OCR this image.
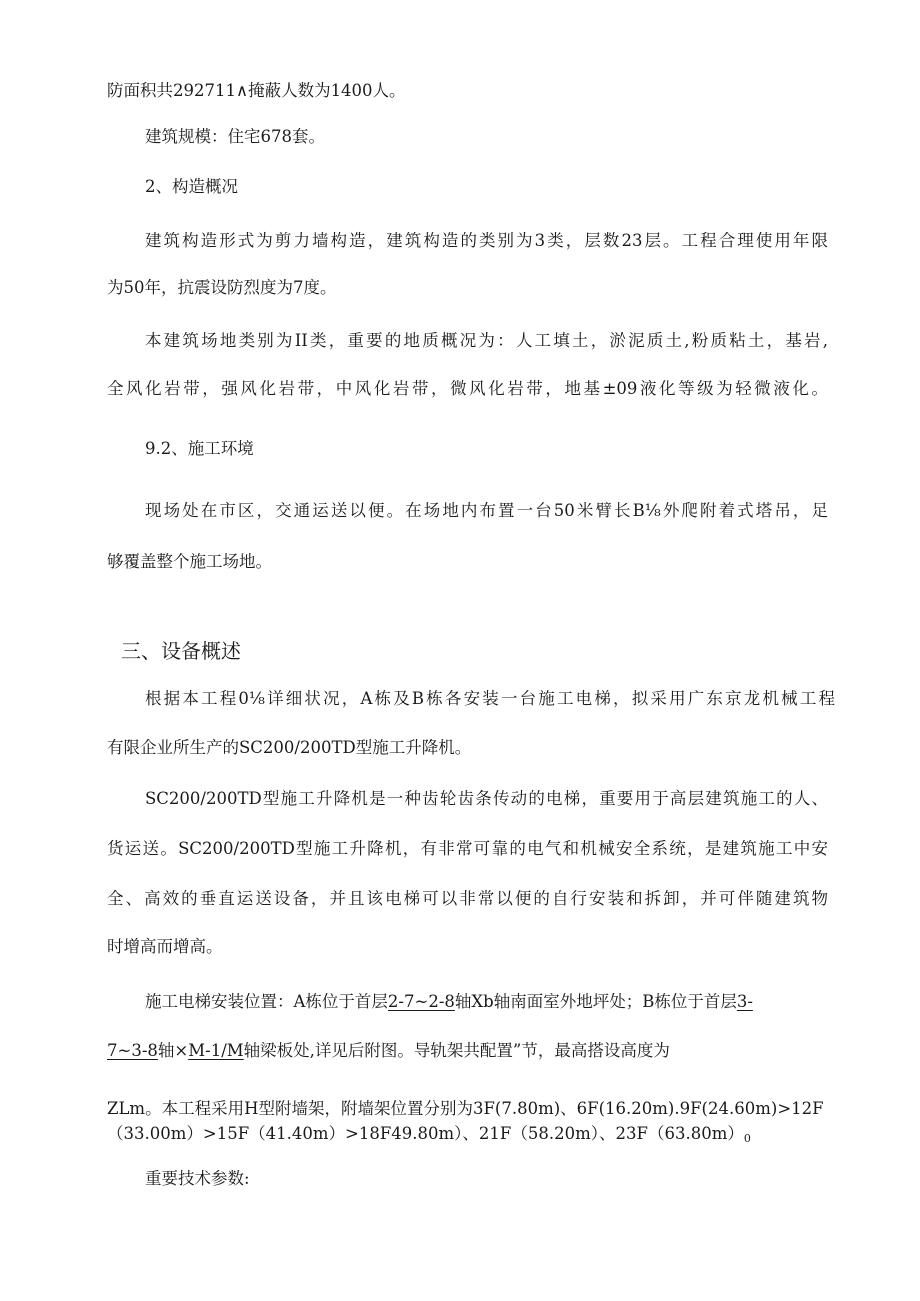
防面积共292711∧掩蔽人数为1400人。
建筑规模：住宅678套。
2、构造概况
建筑构造形式为剪力墙构造，建筑构造的类别为3类，层数23层。工程合理使用年限
为50年，抗震设防烈度为7度。
本建筑场地类别为II类，重要的地质概况为：人工填土，淤泥质土,粉质粘土，基岩,
全风化岩带，强风化岩带，中风化岩带，微风化岩带，地基±09液化等级为轻微液化。
9.2、施工环境
现场处在市区，交通运送以便。在场地内布置一台50米臂长B⅛外爬附着式塔吊，足
够覆盖整个施工场地。
三、设备概述
根据本工程0⅛详细状况，A栋及B栋各安装一台施工电梯，拟采用广东京龙机械工程
有限企业所生产的SC200/200TD型施工升降机。
SC200/200TD型施工升降机是一种齿轮齿条传动的电梯，重要用于高层建筑施工的人、
货运送。SC200/200TD型施工升降机，有非常可靠的电气和机械安全系统，是建筑施工中安
全、高效的垂直运送设备，并且该电梯可以非常以便的自行安装和拆卸，并可伴随建筑物
时增高而增高。
施工电梯安装位置：A栋位于首层2-7~2-8轴Xb轴南面室外地坪处；B栋位于首层3-
7~3-8轴×M-1/M轴梁板处,详见后附图。导轨架共配置”节，最高搭设高度为
ZLm。本工程采用H型附墙架，附墙架位置分别为3F(7.80m)、6F(16.20m).9F(24.60m)>12F
（33.00m）>15F（41.40m）>18F49.80m）、21F（58.20m）、$23F(63.80m)_0$
重要技术参数:
